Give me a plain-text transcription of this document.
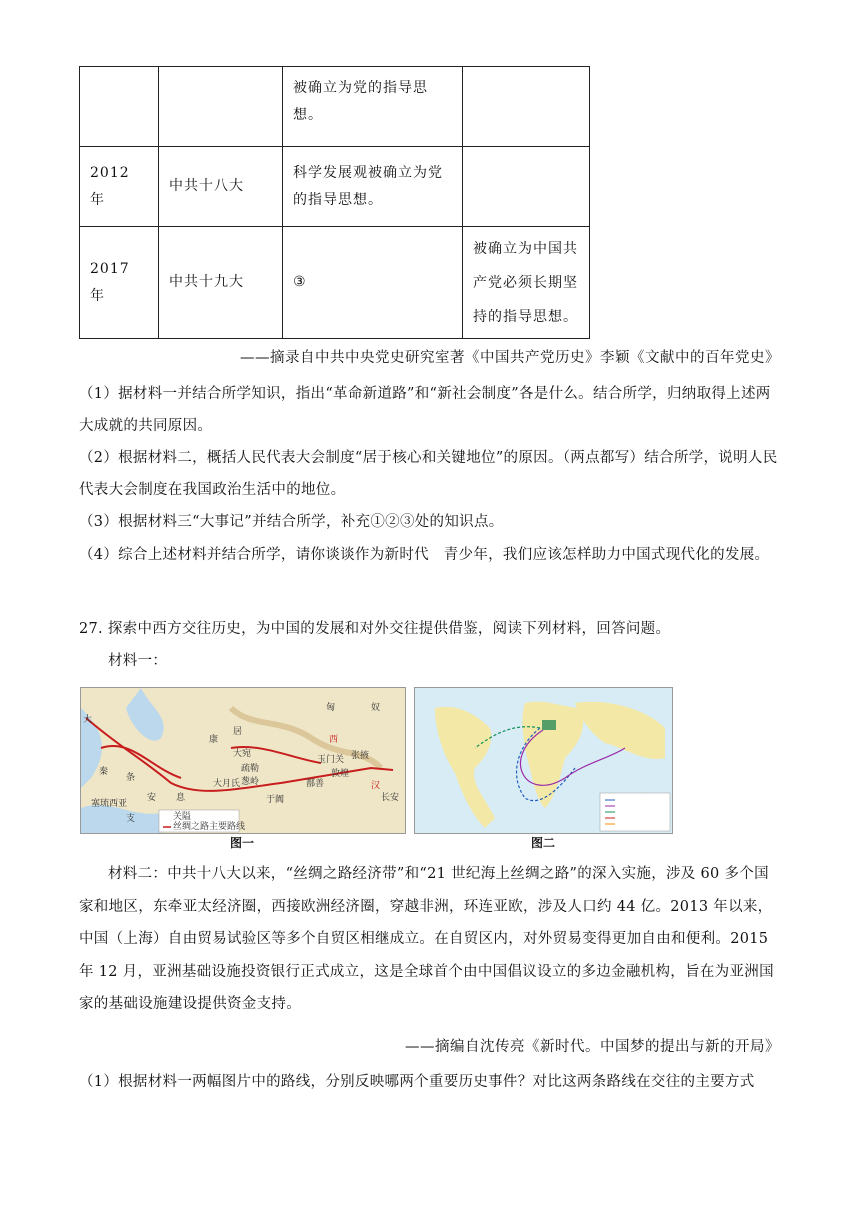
		被确立为党的指导思想。	

2012 年	中共十八大	科学发展观被确立为党的指导思想。	

2017 年	中共十九大	③	被确立为中国共产党必须长期坚持的指导思想。
——摘录自中共中央党史研究室著《中国共产党历史》李颖《文献中的百年党史》
（1）据材料一并结合所学知识，指出“革命新道路”和“新社会制度”各是什么。结合所学，归纳取得上述两大成就的共同原因。
（2）根据材料二，概括人民代表大会制度“居于核心和关键地位”的原因。（两点都写）结合所学，说明人民代表大会制度在我国政治生活中的地位。
（3）根据材料三“大事记”并结合所学，补充①②③处的知识点。
（4）综合上述材料并结合所学，请你谈谈作为新时代　青少年，我们应该怎样助力中国式现代化的发展。
27. 探索中西方交往历史，为中国的发展和对外交往提供借鉴，阅读下列材料，回答问题。
材料一：
匈	奴
西
汉
长安
安 息
大
秦
条
支
康
居
大宛
疏勒
葱岭
大月氏
于阗
鄯善
敦煌
玉门关 张掖
塞琉西亚
关隘
丝绸之路主要路线
图一	图二
材料二：中共十八大以来，“丝绸之路经济带”和“21 世纪海上丝绸之路”的深入实施，涉及 60 多个国家和地区，东牵亚太经济圈，西接欧洲经济圈，穿越非洲，环连亚欧，涉及人口约 44 亿。2013 年以来，中国（上海）自由贸易试验区等多个自贸区相继成立。在自贸区内，对外贸易变得更加自由和便利。2015 年 12 月，亚洲基础设施投资银行正式成立，这是全球首个由中国倡议设立的多边金融机构，旨在为亚洲国家的基础设施建设提供资金支持。
——摘编自沈传亮《新时代。中国梦的提出与新的开局》
（1）根据材料一两幅图片中的路线，分别反映哪两个重要历史事件？对比这两条路线在交往的主要方式
